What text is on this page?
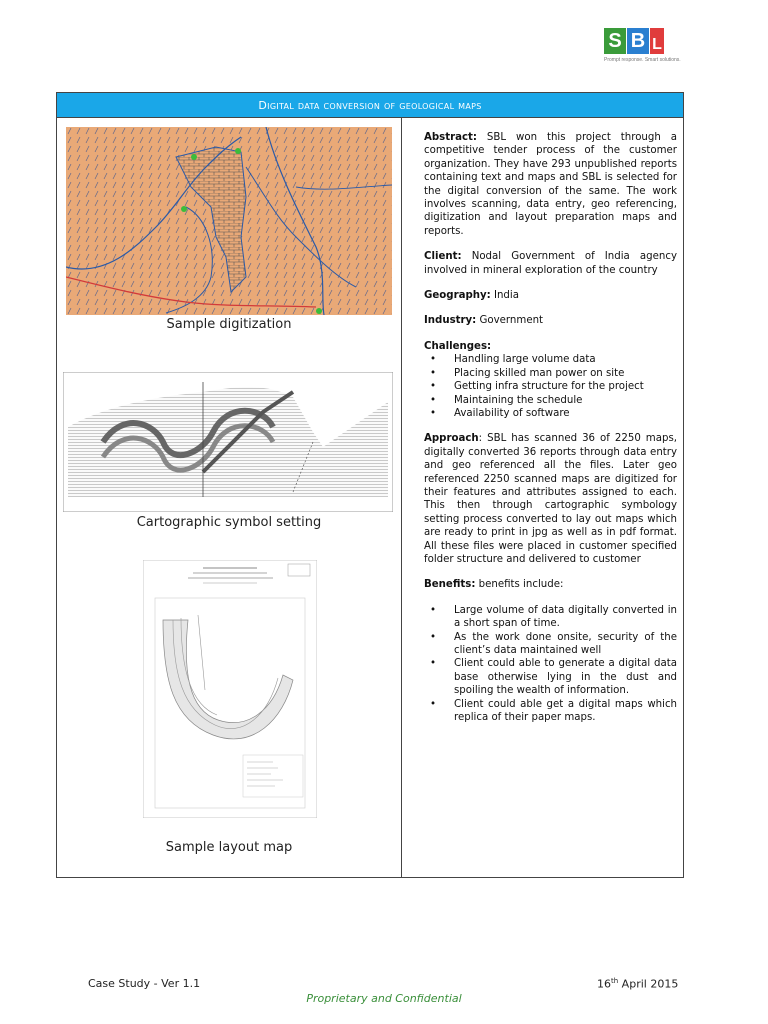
S B L
Prompt response. Smart solutions.
Digital data conversion of geological maps
Sample digitization
Cartographic symbol setting
Sample layout map

Abstract: SBL won this project through a competitive tender process of the customer organization. They have 293 unpublished reports containing text and maps and SBL is selected for the digital conversion of the same. The work involves scanning, data entry, geo referencing, digitization and layout preparation maps and reports.

Client: Nodal Government of India agency involved in mineral exploration of the country

Geography: India

Industry: Government

Challenges:

• Handling large volume data
• Placing skilled man power on site
• Getting infra structure for the project
• Maintaining the schedule
• Availability of software

Approach: SBL has scanned 36 of 2250 maps, digitally converted 36 reports through data entry and geo referenced all the files. Later geo referenced 2250 scanned maps are digitized for their features and attributes assigned to each. This then through cartographic symbology setting process converted to lay out maps which are ready to print in jpg as well as in pdf format. All these files were placed in customer specified folder structure and delivered to customer

Benefits: benefits include:

• Large volume of data digitally converted in a short span of time.
• As the work done onsite, security of the client’s data maintained well
• Client could able to generate a digital data base otherwise lying in the dust and spoiling the wealth of information.
• Client could able get a digital maps which replica of their paper maps.
Case Study - Ver 1.1	16th April 2015
Proprietary and Confidential
